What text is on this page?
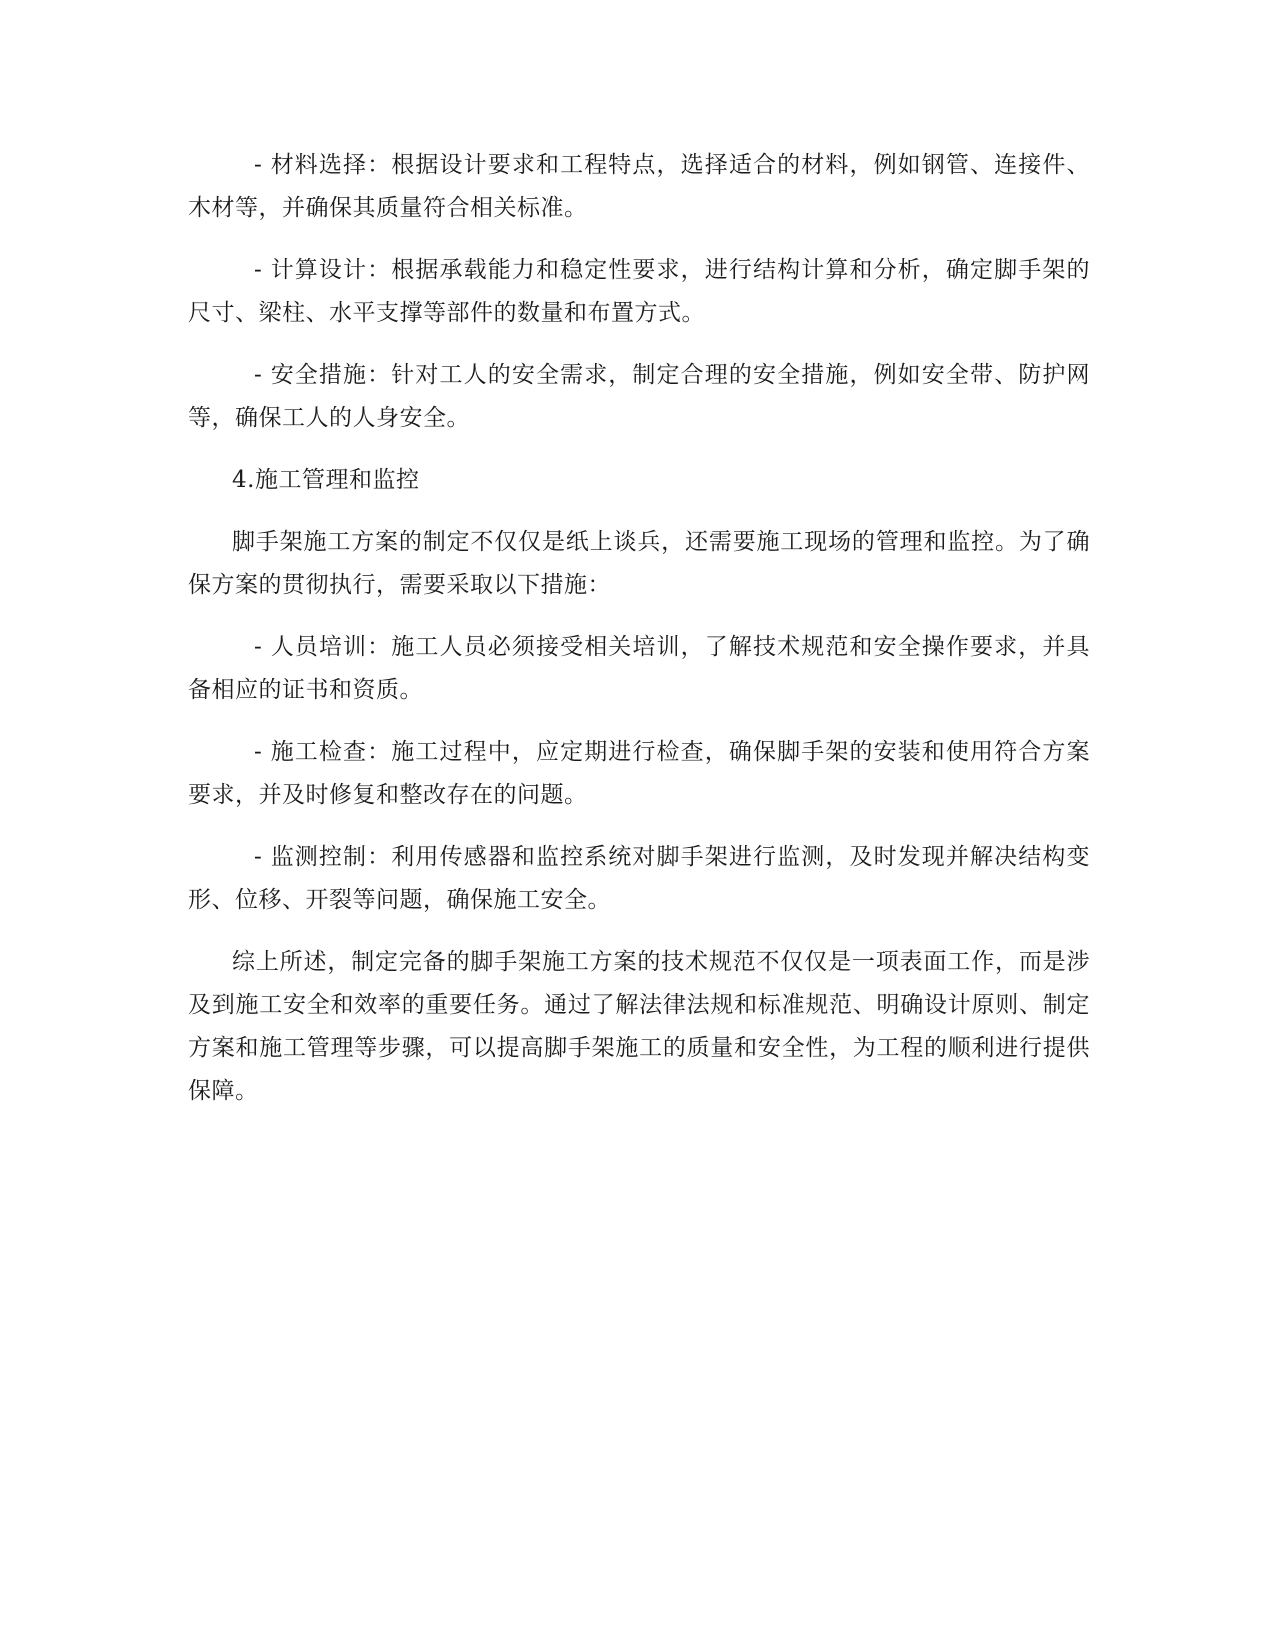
- 材料选择：根据设计要求和工程特点，选择适合的材料，例如钢管、连接件、木材等，并确保其质量符合相关标准。

- 计算设计：根据承载能力和稳定性要求，进行结构计算和分析，确定脚手架的尺寸、梁柱、水平支撑等部件的数量和布置方式。

- 安全措施：针对工人的安全需求，制定合理的安全措施，例如安全带、防护网等，确保工人的人身安全。

4.施工管理和监控

脚手架施工方案的制定不仅仅是纸上谈兵，还需要施工现场的管理和监控。为了确保方案的贯彻执行，需要采取以下措施：

- 人员培训：施工人员必须接受相关培训，了解技术规范和安全操作要求，并具备相应的证书和资质。

- 施工检查：施工过程中，应定期进行检查，确保脚手架的安装和使用符合方案要求，并及时修复和整改存在的问题。

- 监测控制：利用传感器和监控系统对脚手架进行监测，及时发现并解决结构变形、位移、开裂等问题，确保施工安全。

综上所述，制定完备的脚手架施工方案的技术规范不仅仅是一项表面工作，而是涉及到施工安全和效率的重要任务。通过了解法律法规和标准规范、明确设计原则、制定方案和施工管理等步骤，可以提高脚手架施工的质量和安全性，为工程的顺利进行提供保障。
